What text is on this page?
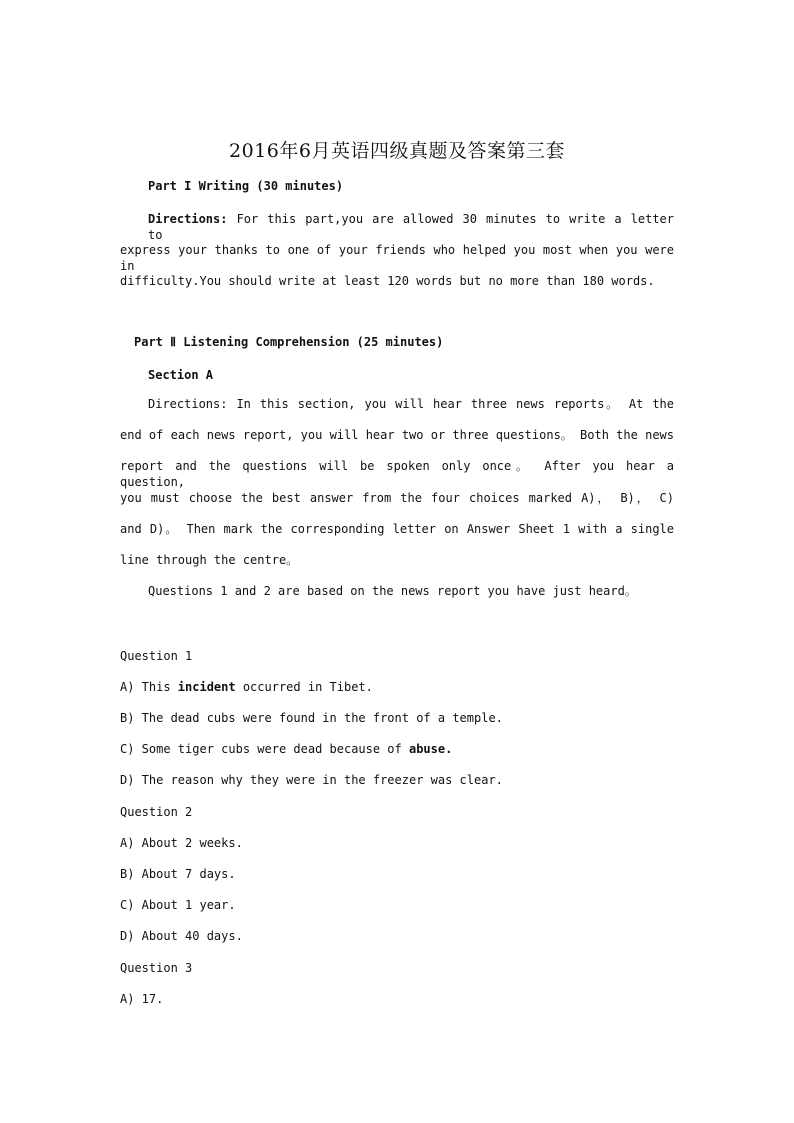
2016年6月英语四级真题及答案第三套
Part I Writing (30 minutes)
Directions: For this part,you are allowed 30 minutes to write a letter to
express your thanks to one of your friends who helped you most when you were in
difficulty.You should write at least 120 words but no more than 180 words.
Part Ⅱ Listening Comprehension (25 minutes)
Section A
Directions: In this section, you will hear three news reports。 At the
end of each news report, you will hear two or three questions。 Both the news
report and the questions will be spoken only once。 After you hear a question,
you must choose the best answer from the four choices marked A)， B)， C)
and D)。 Then mark the corresponding letter on Answer Sheet 1 with a single
line through the centre。
Questions 1 and 2 are based on the news report you have just heard。
Question 1
A) This incident occurred in Tibet.
B) The dead cubs were found in the front of a temple.
C) Some tiger cubs were dead because of abuse.
D) The reason why they were in the freezer was clear.
Question 2
A) About 2 weeks.
B) About 7 days.
C) About 1 year.
D) About 40 days.
Question 3
A) 17.
